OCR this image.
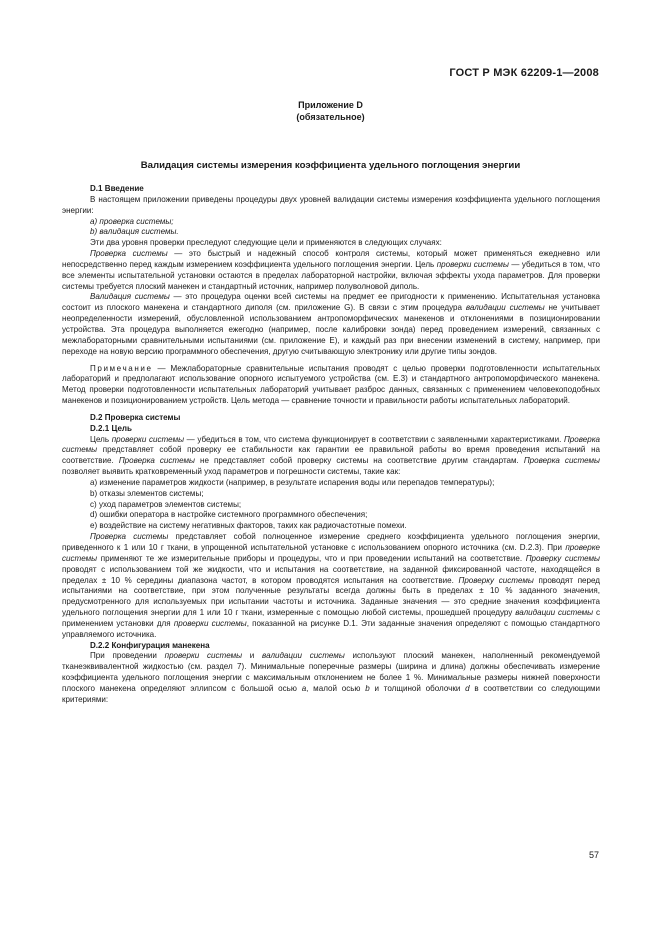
ГОСТ Р МЭК 62209-1—2008
Приложение D
(обязательное)
Валидация системы измерения коэффициента удельного поглощения энергии

D.1 Введение

В настоящем приложении приведены процедуры двух уровней валидации системы измерения коэффициента удельного поглощения энергии:

a) проверка системы;

b) валидация системы.

Эти два уровня проверки преследуют следующие цели и применяются в следующих случаях:

Проверка системы — это быстрый и надежный способ контроля системы, который может применяться ежедневно или непосредственно перед каждым измерением коэффициента удельного поглощения энергии. Цель проверки системы — убедиться в том, что все элементы испытательной установки остаются в пределах лабораторной настройки, включая эффекты ухода параметров. Для проверки системы требуется плоский манекен и стандартный источник, например полуволновой диполь.

Валидация системы — это процедура оценки всей системы на предмет ее пригодности к применению. Испытательная установка состоит из плоского манекена и стандартного диполя (см. приложение G). В связи с этим процедура валидации системы не учитывает неопределенности измерений, обусловленной использованием антропоморфических манекенов и отклонениями в позиционировании устройства. Эта процедура выполняется ежегодно (например, после калибровки зонда) перед проведением измерений, связанных с межлабораторными сравнительными испытаниями (см. приложение E), и каждый раз при внесении изменений в систему, например, при переходе на новую версию программного обеспечения, другую считывающую электронику или другие типы зондов.

Примечание — Межлабораторные сравнительные испытания проводят с целью проверки подготовленности испытательных лабораторий и предполагают использование опорного испытуемого устройства (см. E.3) и стандартного антропоморфического манекена. Метод проверки подготовленности испытательных лабораторий учитывает разброс данных, связанных с применением человекоподобных манекенов и позиционированием устройств. Цель метода — сравнение точности и правильности работы испытательных лабораторий.

D.2 Проверка системы

D.2.1 Цель

Цель проверки системы — убедиться в том, что система функционирует в соответствии с заявленными характеристиками. Проверка системы представляет собой проверку ее стабильности как гарантии ее правильной работы во время проведения испытаний на соответствие. Проверка системы не представляет собой проверку системы на соответствие другим стандартам. Проверка системы позволяет выявить кратковременный уход параметров и погрешности системы, такие как:

a) изменение параметров жидкости (например, в результате испарения воды или перепадов температуры);

b) отказы элементов системы;

c) уход параметров элементов системы;

d) ошибки оператора в настройке системного программного обеспечения;

e) воздействие на систему негативных факторов, таких как радиочастотные помехи.

Проверка системы представляет собой полноценное измерение среднего коэффициента удельного поглощения энергии, приведенного к 1 или 10 г ткани, в упрощенной испытательной установке с использованием опорного источника (см. D.2.3). При проверке системы применяют те же измерительные приборы и процедуры, что и при проведении испытаний на соответствие. Проверку системы проводят с использованием той же жидкости, что и испытания на соответствие, на заданной фиксированной частоте, находящейся в пределах ± 10 % середины диапазона частот, в котором проводятся испытания на соответствие. Проверку системы проводят перед испытаниями на соответствие, при этом полученные результаты всегда должны быть в пределах ± 10 % заданного значения, предусмотренного для используемых при испытании частоты и источника. Заданные значения — это средние значения коэффициента удельного поглощения энергии для 1 или 10 г ткани, измеренные с помощью любой системы, прошедшей процедуру валидации системы с применением установки для проверки системы, показанной на рисунке D.1. Эти заданные значения определяют с помощью стандартного управляемого источника.

D.2.2 Конфигурация манекена

При проведении проверки системы и валидации системы используют плоский манекен, наполненный рекомендуемой тканеэквивалентной жидкостью (см. раздел 7). Минимальные поперечные размеры (ширина и длина) должны обеспечивать измерение коэффициента удельного поглощения энергии с максимальным отклонением не более 1 %. Минимальные размеры нижней поверхности плоского манекена определяют эллипсом с большой осью a, малой осью b и толщиной оболочки d в соответствии со следующими критериями:

57
